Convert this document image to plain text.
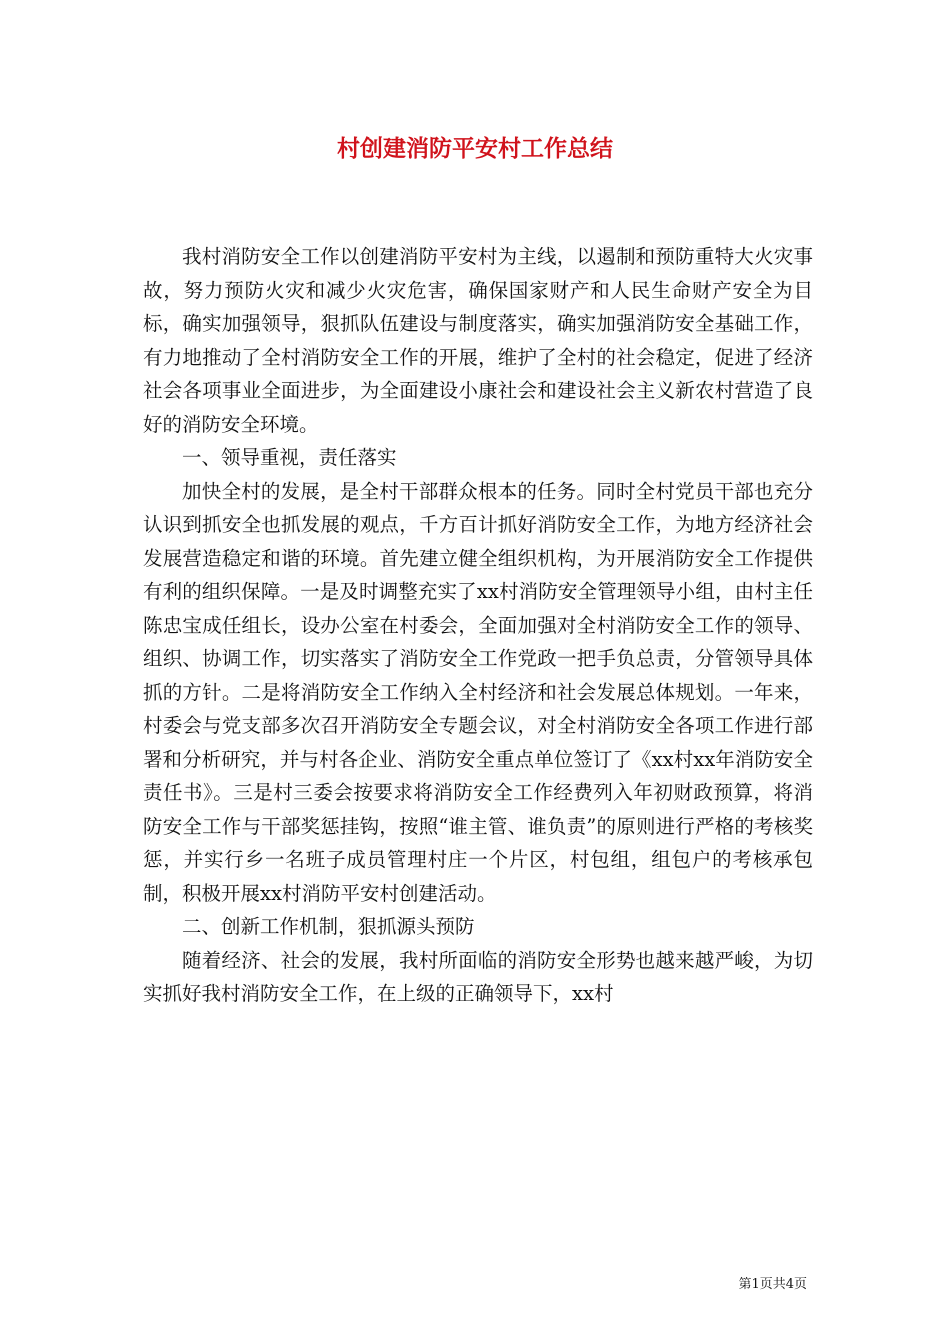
村创建消防平安村工作总结

我村消防安全工作以创建消防平安村为主线，以遏制和预防重特大火灾事故，努力预防火灾和减少火灾危害，确保国家财产和人民生命财产安全为目标，确实加强领导，狠抓队伍建设与制度落实，确实加强消防安全基础工作，有力地推动了全村消防安全工作的开展，维护了全村的社会稳定，促进了经济社会各项事业全面进步，为全面建设小康社会和建设社会主义新农村营造了良好的消防安全环境。

一、领导重视，责任落实

加快全村的发展，是全村干部群众根本的任务。同时全村党员干部也充分认识到抓安全也抓发展的观点，千方百计抓好消防安全工作，为地方经济社会发展营造稳定和谐的环境。首先建立健全组织机构，为开展消防安全工作提供有利的组织保障。一是及时调整充实了xx村消防安全管理领导小组，由村主任陈忠宝成任组长，设办公室在村委会，全面加强对全村消防安全工作的领导、组织、协调工作，切实落实了消防安全工作党政一把手负总责，分管领导具体抓的方针。二是将消防安全工作纳入全村经济和社会发展总体规划。一年来，村委会与党支部多次召开消防安全专题会议，对全村消防安全各项工作进行部署和分析研究，并与村各企业、消防安全重点单位签订了《xx村xx年消防安全责任书》。三是村三委会按要求将消防安全工作经费列入年初财政预算，将消防安全工作与干部奖惩挂钩，按照“谁主管、谁负责”的原则进行严格的考核奖惩，并实行乡一名班子成员管理村庄一个片区，村包组，组包户的考核承包制，积极开展xx村消防平安村创建活动。

二、创新工作机制，狠抓源头预防

随着经济、社会的发展，我村所面临的消防安全形势也越来越严峻，为切实抓好我村消防安全工作，在上级的正确领导下，xx村

第1页共4页
